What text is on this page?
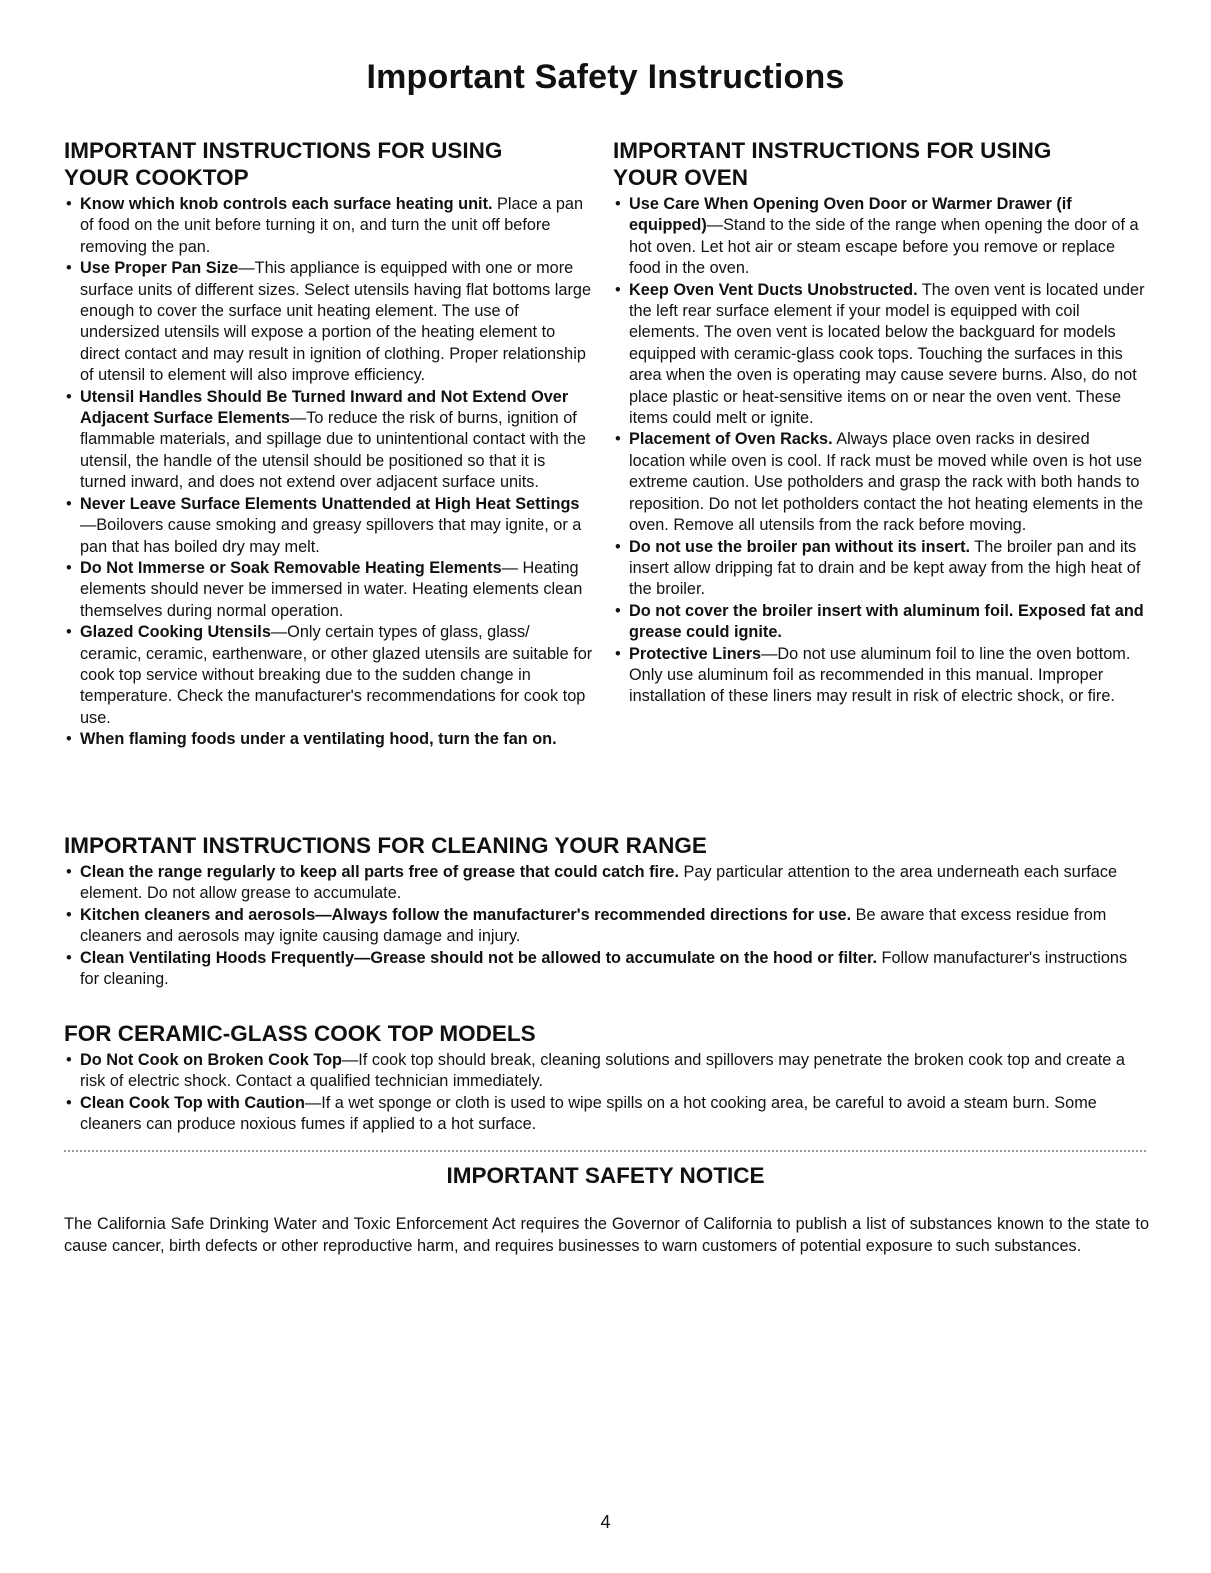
Important Safety Instructions
IMPORTANT INSTRUCTIONS FOR USING
YOUR COOKTOP
• Know which knob controls each surface heating unit. Place a pan of food on the unit before turning it on, and turn the unit off before removing the pan.
• Use Proper Pan Size—This appliance is equipped with one or more surface units of different sizes. Select utensils having flat bottoms large enough to cover the surface unit heating element. The use of undersized utensils will expose a portion of the heating element to direct contact and may result in ignition of clothing. Proper relationship of utensil to element will also improve efficiency.
• Utensil Handles Should Be Turned Inward and Not Extend Over Adjacent Surface Elements—To reduce the risk of burns, ignition of flammable materials, and spillage due to unintentional contact with the utensil, the handle of the utensil should be positioned so that it is turned inward, and does not extend over adjacent surface units.
• Never Leave Surface Elements Unattended at High Heat Settings—Boilovers cause smoking and greasy spillovers that may ignite, or a pan that has boiled dry may melt.
• Do Not Immerse or Soak Removable Heating Elements— Heating elements should never be immersed in water. Heating elements clean themselves during normal operation.
• Glazed Cooking Utensils—Only certain types of glass, glass/ ceramic, ceramic, earthenware, or other glazed utensils are suitable for cook top service without breaking due to the sudden change in temperature. Check the manufacturer's recommendations for cook top use.
• When flaming foods under a ventilating hood, turn the fan on.
IMPORTANT INSTRUCTIONS FOR USING
YOUR OVEN
• Use Care When Opening Oven Door or Warmer Drawer (if equipped)—Stand to the side of the range when opening the door of a hot oven. Let hot air or steam escape before you remove or replace food in the oven.
• Keep Oven Vent Ducts Unobstructed. The oven vent is located under the left rear surface element if your model is equipped with coil elements. The oven vent is located below the backguard for models equipped with ceramic-glass cook tops. Touching the surfaces in this area when the oven is operating may cause severe burns. Also, do not place plastic or heat-sensitive items on or near the oven vent. These items could melt or ignite.
• Placement of Oven Racks. Always place oven racks in desired location while oven is cool. If rack must be moved while oven is hot use extreme caution. Use potholders and grasp the rack with both hands to reposition. Do not let potholders contact the hot heating elements in the oven. Remove all utensils from the rack before moving.
• Do not use the broiler pan without its insert. The broiler pan and its insert allow dripping fat to drain and be kept away from the high heat of the broiler.
• Do not cover the broiler insert with aluminum foil. Exposed fat and grease could ignite.
• Protective Liners—Do not use aluminum foil to line the oven bottom. Only use aluminum foil as recommended in this manual. Improper installation of these liners may result in risk of electric shock, or fire.
IMPORTANT INSTRUCTIONS FOR CLEANING YOUR RANGE
• Clean the range regularly to keep all parts free of grease that could catch fire. Pay particular attention to the area underneath each surface element. Do not allow grease to accumulate.
• Kitchen cleaners and aerosols—Always follow the manufacturer's recommended directions for use. Be aware that excess residue from cleaners and aerosols may ignite causing damage and injury.
• Clean Ventilating Hoods Frequently—Grease should not be allowed to accumulate on the hood or filter. Follow manufacturer's instructions for cleaning.
FOR CERAMIC-GLASS COOK TOP MODELS
• Do Not Cook on Broken Cook Top—If cook top should break, cleaning solutions and spillovers may penetrate the broken cook top and create a risk of electric shock. Contact a qualified technician immediately.
• Clean Cook Top with Caution—If a wet sponge or cloth is used to wipe spills on a hot cooking area, be careful to avoid a steam burn. Some cleaners can produce noxious fumes if applied to a hot surface.
IMPORTANT SAFETY NOTICE
The California Safe Drinking Water and Toxic Enforcement Act requires the Governor of California to publish a list of substances known to the state to cause cancer, birth defects or other reproductive harm, and requires businesses to warn customers of potential exposure to such substances.
4
